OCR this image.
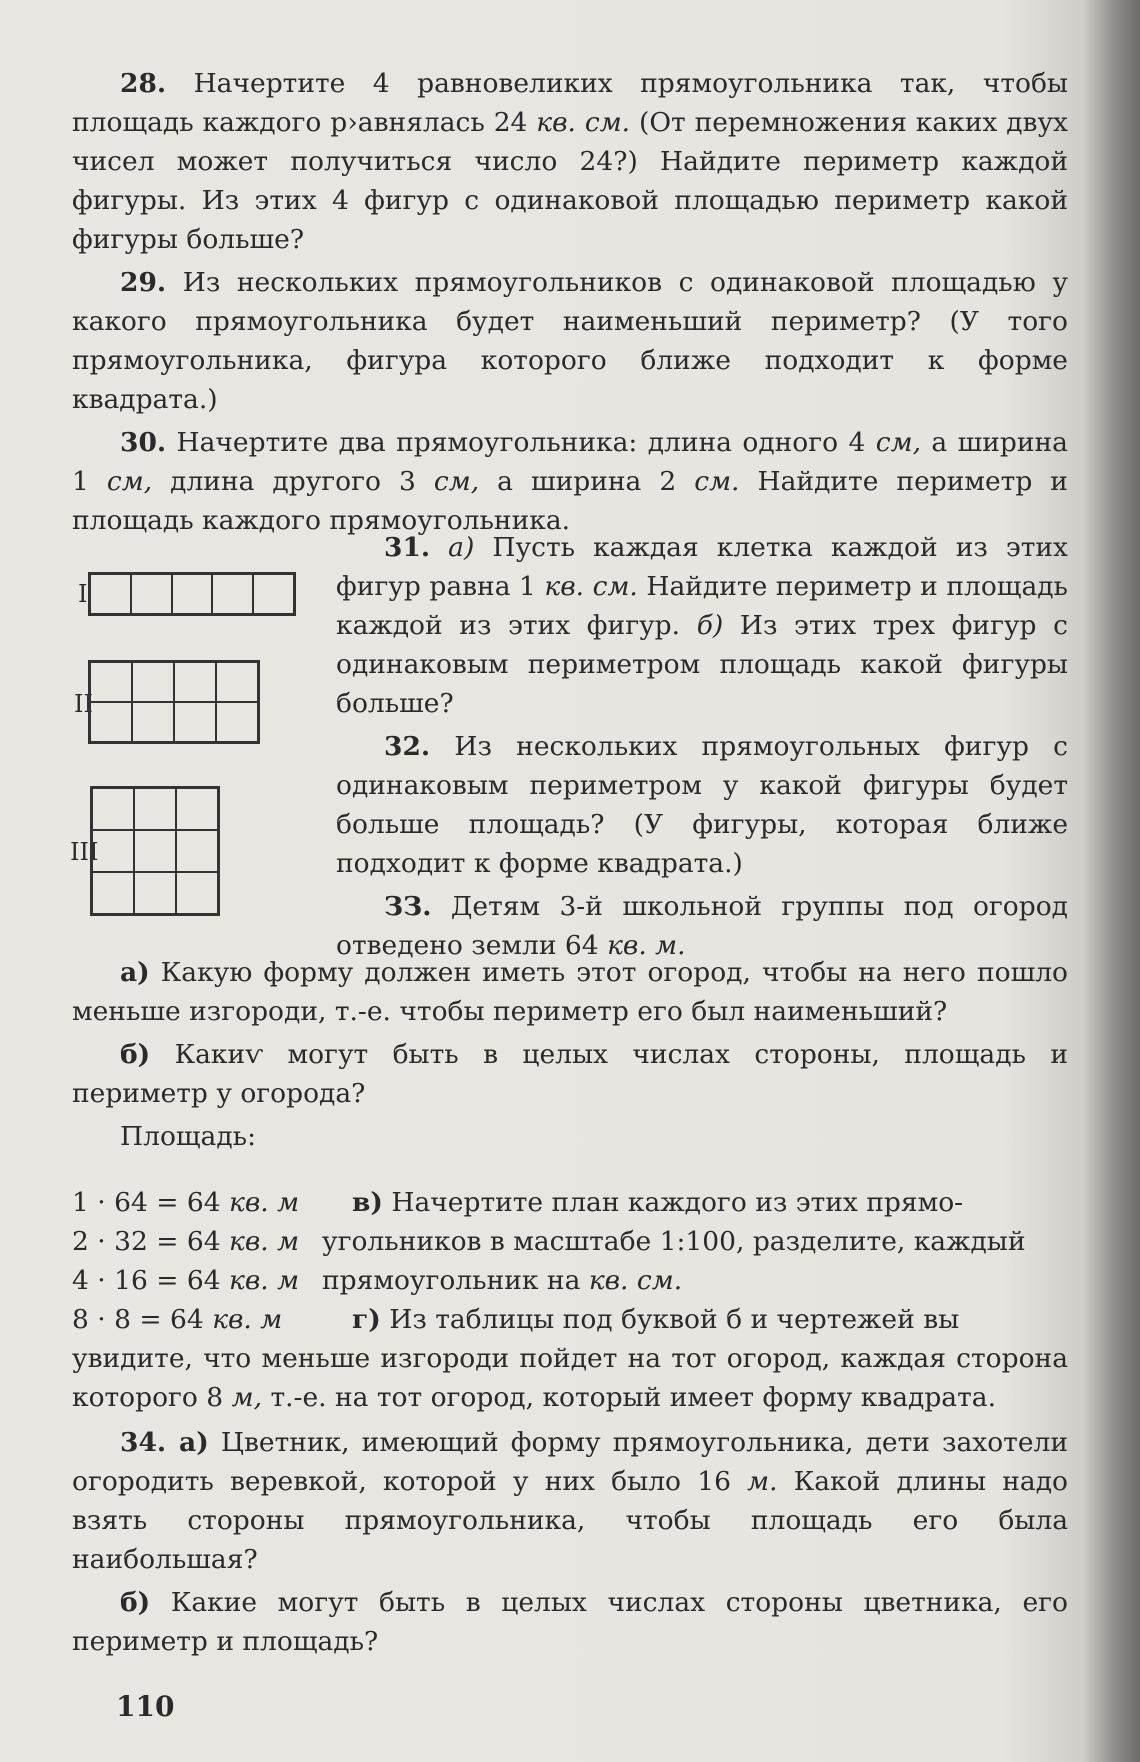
28. Начертите 4 равновеликих прямоугольника так, чтобы площадь каждого р›авнялась 24 кв. см. (От перемножения каких двух чисел может получиться число 24?) Найдите периметр каждой фигуры. Из этих 4 фигур с одинаковой площадью периметр какой фигуры больше?

29. Из нескольких прямоугольников с одинаковой площадью у какого прямоугольника будет наименьший периметр? (У того прямоугольника, фигура которого ближе подходит к форме квадрата.)

30. Начертите два прямоугольника: длина одного 4 см, а ширина 1 см, длина другого 3 см, а ширина 2 см. Найдите периметр и площадь каждого прямоугольника.

I
II
III

31. а) Пусть каждая клетка каждой из этих фигур равна 1 кв. см. Найдите периметр и площадь каждой из этих фигур. б) Из этих трех фигур с одинаковым периметром площадь какой фигуры больше?

32. Из нескольких прямоугольных фигур с одинаковым периметром у какой фигуры будет больше площадь? (У фигуры, которая ближе подходит к форме квадрата.)

ЗЗ. Детям 3-й школьной группы под огород отведено земли 64 кв. м.

а) Какую форму должен иметь этот огород, чтобы на него пошло меньше изгороди, т.-е. чтобы периметр его был наименьший?

б) Какиѵ могут быть в целых числах стороны, площадь и периметр у огорода?

Площадь:

1 · 64 = 64 кв. м
2 · 32 = 64 кв. м
4 · 16 = 64 кв. м
8 · 8 = 64 кв. м
в) Начертите план каждого из этих прямо-
угольников в масштабе 1:100, разделите, каждый
прямоугольник на кв. см.
г) Из таблицы под буквой б и чертежей вы

увидите, что меньше изгороди пойдет на тот огород, каждая сторона которого 8 м, т.-е. на тот огород, который имеет форму квадрата.

34. а) Цветник, имеющий форму прямоугольника, дети захотели огородить веревкой, которой у них было 16 м. Какой длины надо взять стороны прямоугольника, чтобы площадь его была наибольшая?

б) Какие могут быть в целых числах стороны цветника, его периметр и площадь?

110
